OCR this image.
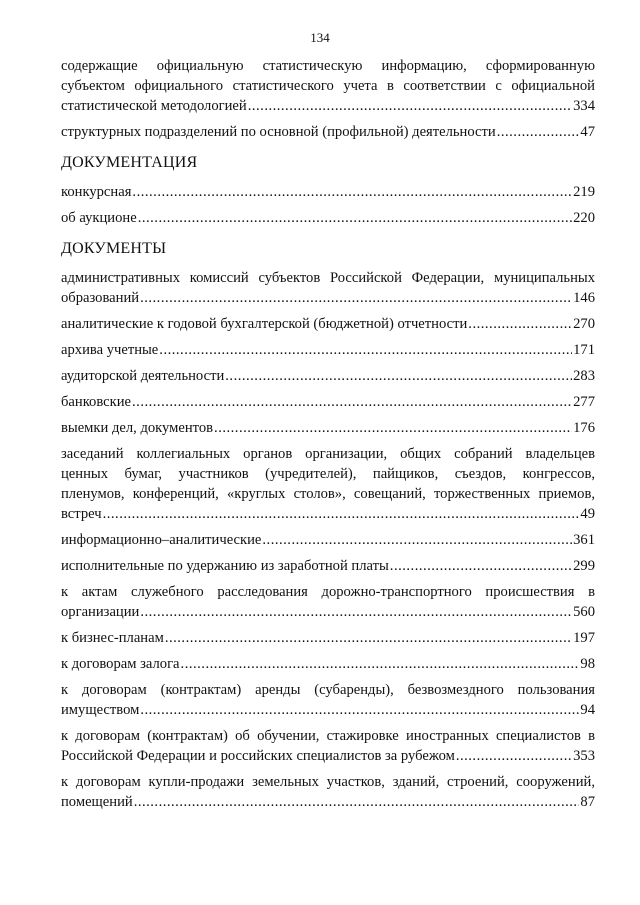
134
содержащие официальную статистическую информацию, сформированную
субъектом официального статистического учета в соответствии с официальной
статистической методологией .....	334
структурных подразделений по основной (профильной) деятельности .....	47
ДОКУМЕНТАЦИЯ
конкурсная .....	219
об аукционе .....	220
ДОКУМЕНТЫ
административных комиссий субъектов Российской Федерации, муниципальных
образований .....	146
аналитические к годовой бухгалтерской (бюджетной) отчетности .....	270
архива учетные .....	171
аудиторской деятельности .....	283
банковские .....	277
выемки дел, документов .....	176
заседаний коллегиальных органов организации, общих собраний владельцев
ценных бумаг, участников (учредителей), пайщиков, съездов, конгрессов,
пленумов, конференций, «круглых столов», совещаний, торжественных приемов,
встреч .....	49
информационно–аналитические .....	361
исполнительные по удержанию из заработной платы .....	299
к актам служебного расследования дорожно-транспортного происшествия в
организации .....	560
к бизнес-планам .....	197
к договорам залога .....	98
к договорам (контрактам) аренды (субаренды), безвозмездного пользования
имуществом .....	94
к договорам (контрактам) об обучении, стажировке иностранных специалистов в
Российской Федерации и российских специалистов за рубежом .....	353
к договорам купли-продажи земельных участков, зданий, строений, сооружений,
помещений .....	87
